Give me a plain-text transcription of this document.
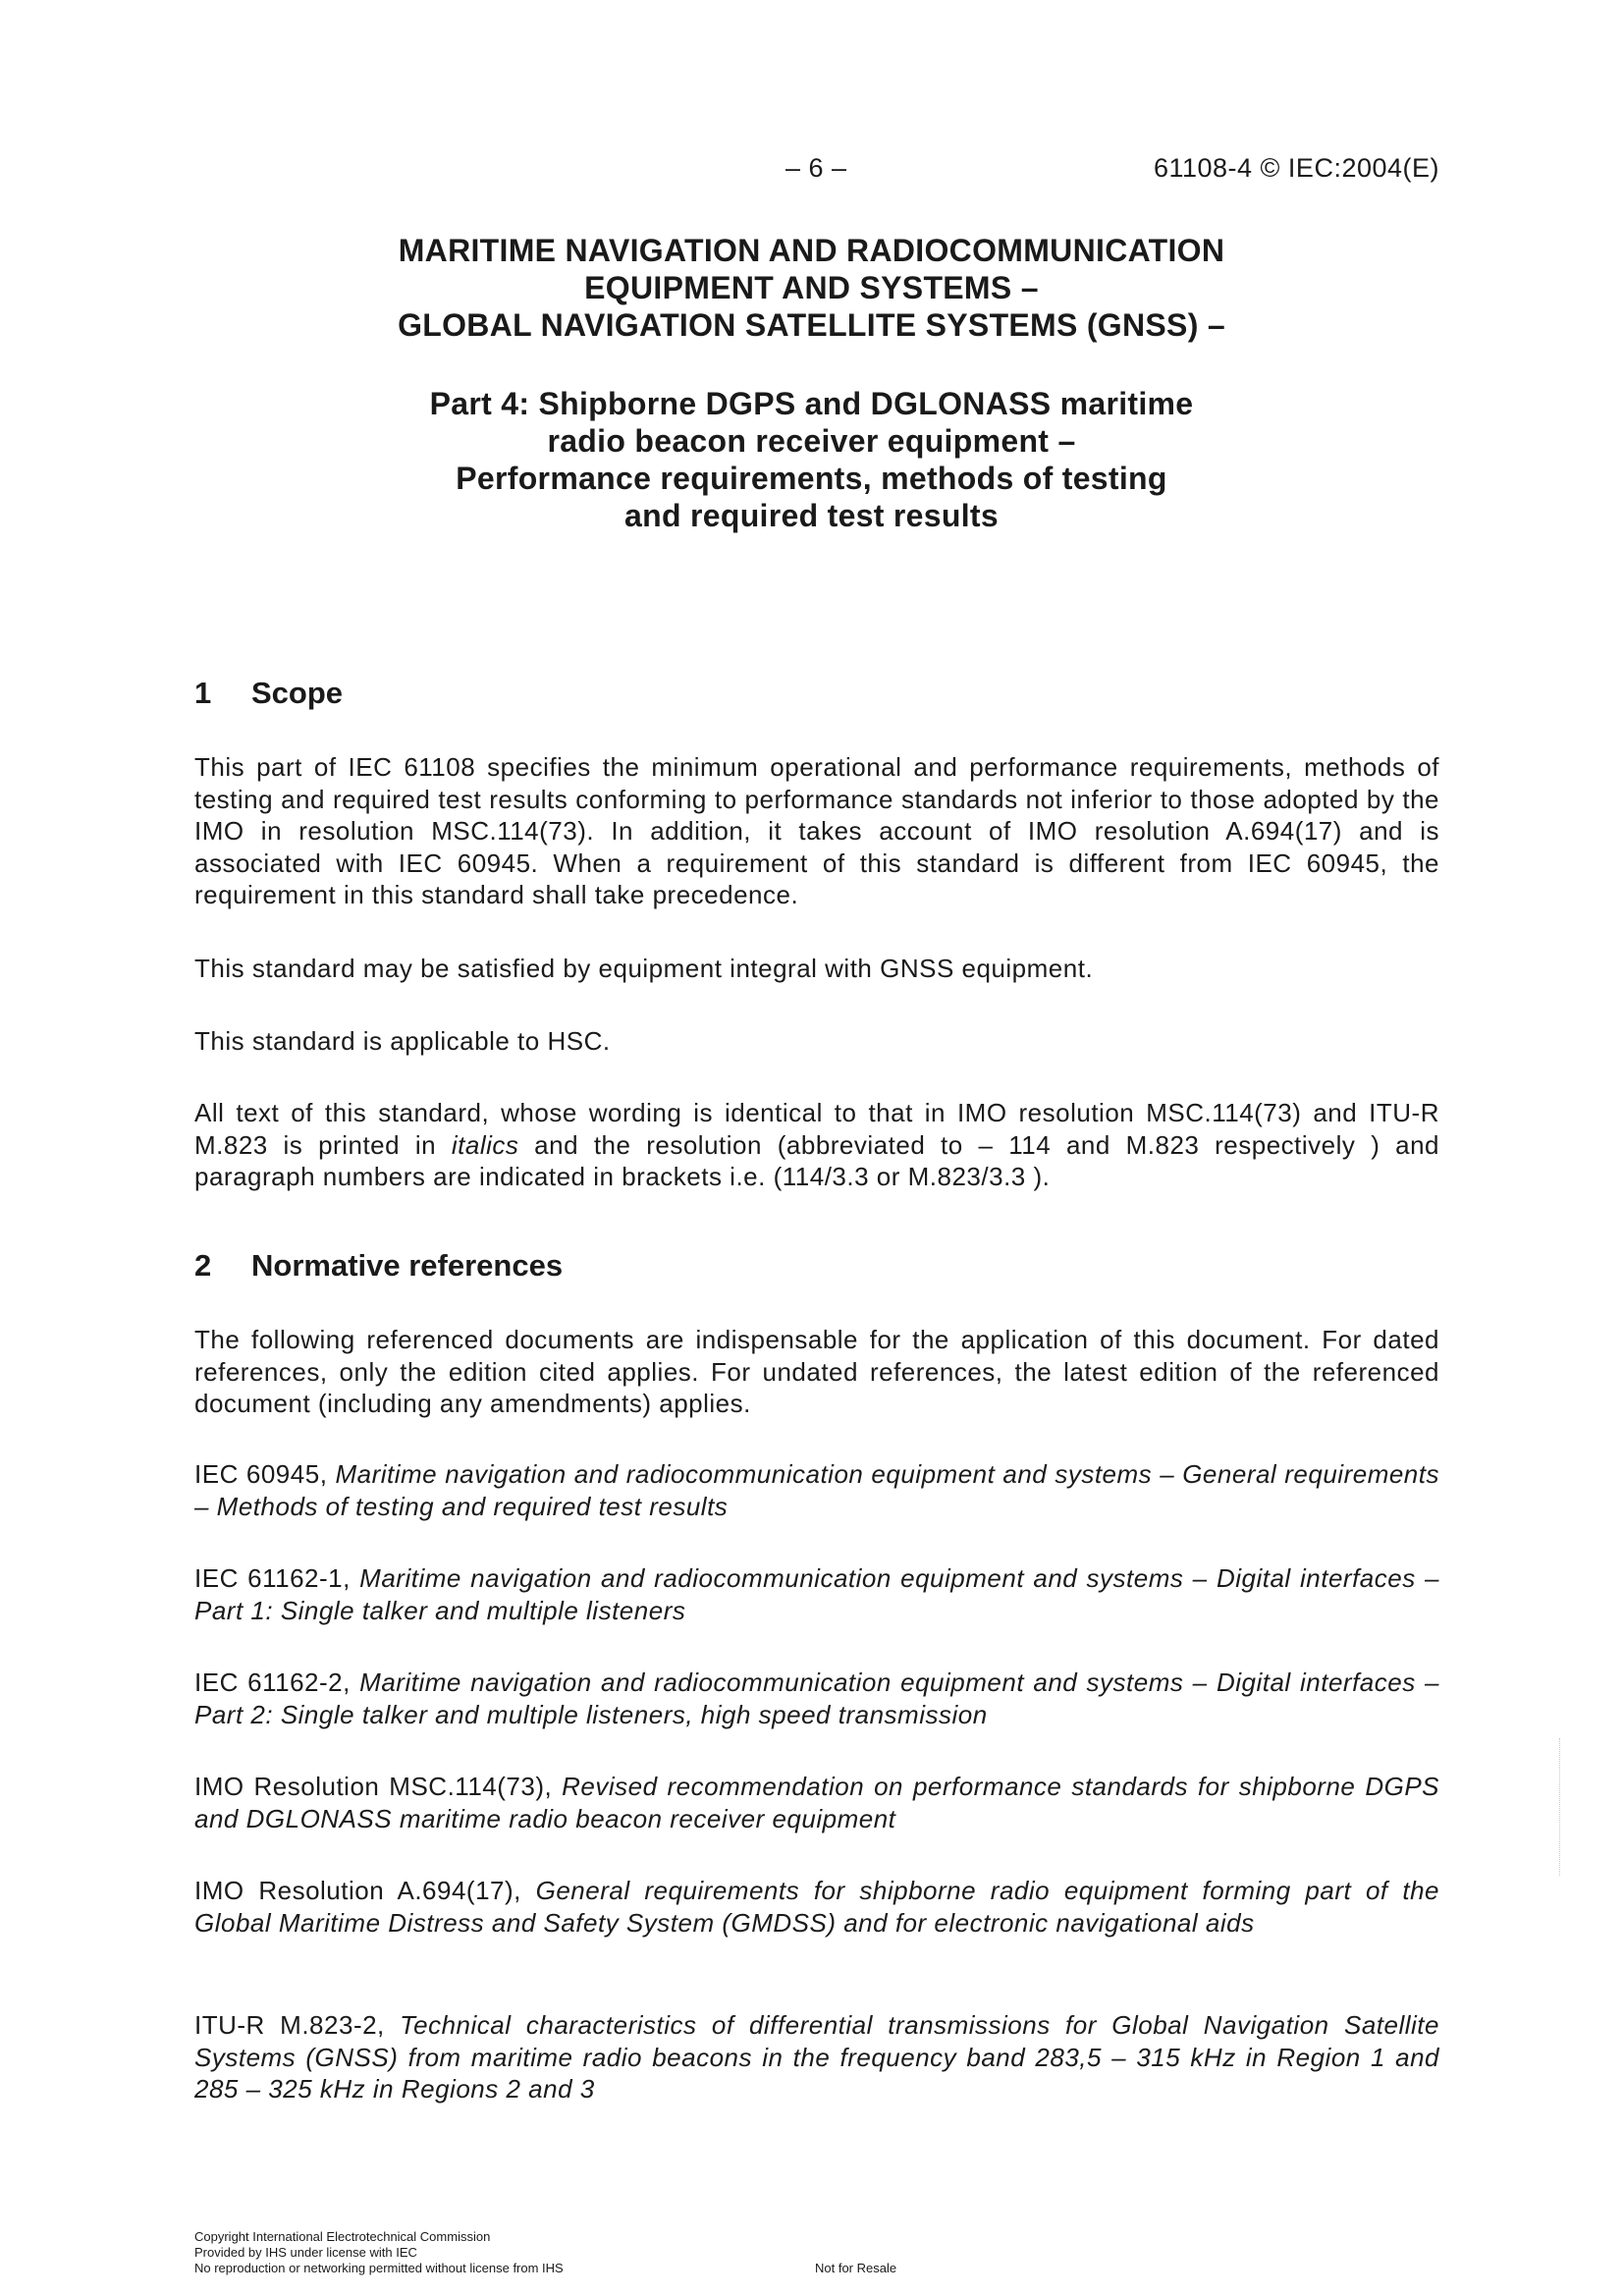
– 6 –	61108-4 © IEC:2004(E)
MARITIME NAVIGATION AND RADIOCOMMUNICATION
EQUIPMENT AND SYSTEMS –
GLOBAL NAVIGATION SATELLITE SYSTEMS (GNSS) –
Part 4: Shipborne DGPS and DGLONASS maritime
radio beacon receiver equipment –
Performance requirements, methods of testing
and required test results
1 Scope
This part of IEC 61108 specifies the minimum operational and performance requirements, methods of testing and required test results conforming to performance standards not inferior to those adopted by the IMO in resolution MSC.114(73). In addition, it takes account of IMO resolution A.694(17) and is associated with IEC 60945. When a requirement of this standard is different from IEC 60945, the requirement in this standard shall take precedence.
This standard may be satisfied by equipment integral with GNSS equipment.
This standard is applicable to HSC.
All text of this standard, whose wording is identical to that in IMO resolution MSC.114(73) and ITU-R M.823 is printed in italics and the resolution (abbreviated to – 114 and M.823 respectively ) and paragraph numbers are indicated in brackets i.e. (114/3.3 or M.823/3.3 ).
2 Normative references
The following referenced documents are indispensable for the application of this document. For dated references, only the edition cited applies. For undated references, the latest edition of the referenced document (including any amendments) applies.
IEC 60945, Maritime navigation and radiocommunication equipment and systems – General requirements – Methods of testing and required test results
IEC 61162-1, Maritime navigation and radiocommunication equipment and systems – Digital interfaces – Part 1: Single talker and multiple listeners
IEC 61162-2, Maritime navigation and radiocommunication equipment and systems – Digital interfaces – Part 2: Single talker and multiple listeners, high speed transmission
IMO Resolution MSC.114(73), Revised recommendation on performance standards for shipborne DGPS and DGLONASS maritime radio beacon receiver equipment
IMO Resolution A.694(17), General requirements for shipborne radio equipment forming part of the Global Maritime Distress and Safety System (GMDSS) and for electronic navigational aids
ITU-R M.823-2, Technical characteristics of differential transmissions for Global Navigation Satellite Systems (GNSS) from maritime radio beacons in the frequency band 283,5 – 315 kHz in Region 1 and 285 – 325 kHz in Regions 2 and 3
Copyright International Electrotechnical Commission
Provided by IHS under license with IEC
No reproduction or networking permitted without license from IHS	Not for Resale
